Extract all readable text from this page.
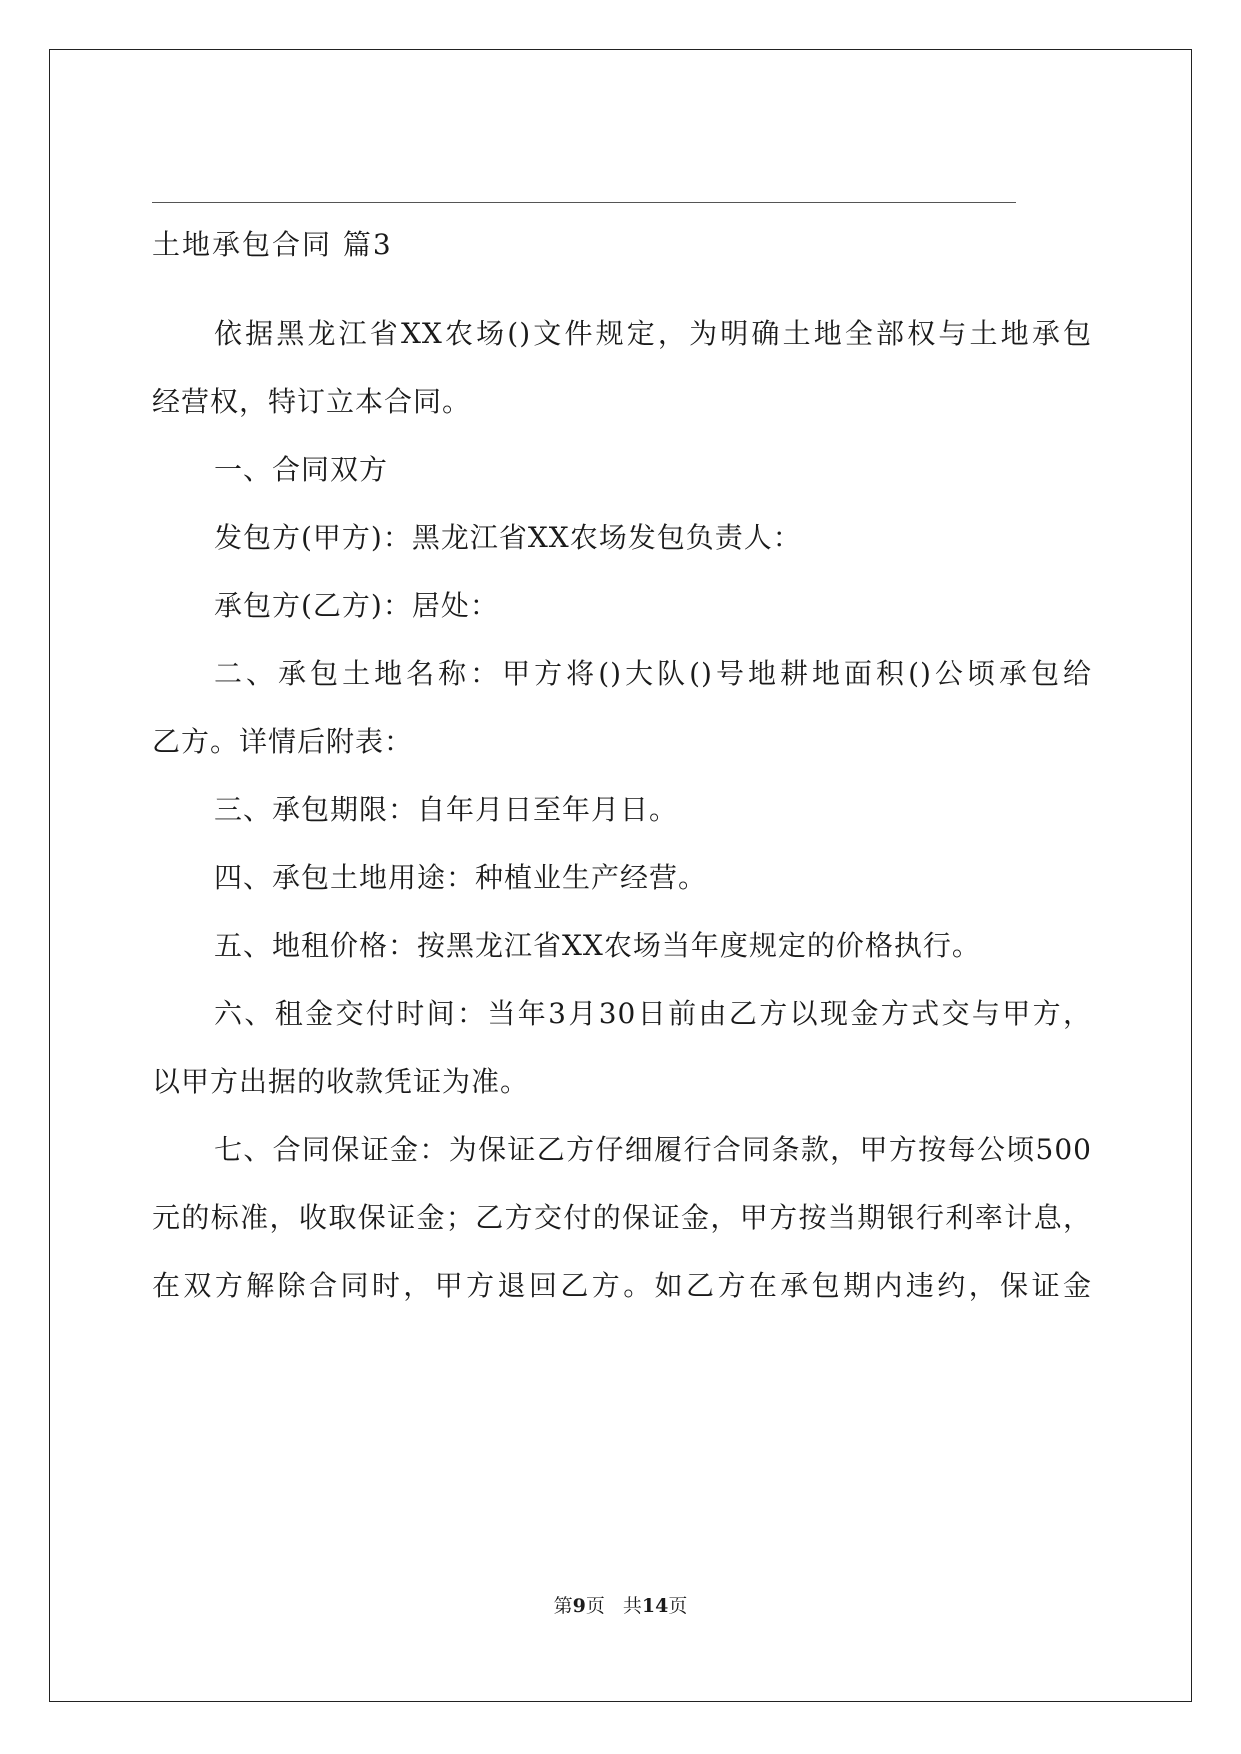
土地承包合同 篇3
依据黑龙江省XX农场()文件规定，为明确土地全部权与土地承包
经营权，特订立本合同。
一、合同双方
发包方(甲方)：黑龙江省XX农场发包负责人：
承包方(乙方)：居处：
二、承包土地名称：甲方将()大队()号地耕地面积()公顷承包给
乙方。详情后附表：
三、承包期限：自年月日至年月日。
四、承包土地用途：种植业生产经营。
五、地租价格：按黑龙江省XX农场当年度规定的价格执行。
六、租金交付时间：当年3月30日前由乙方以现金方式交与甲方，
以甲方出据的收款凭证为准。
七、合同保证金：为保证乙方仔细履行合同条款，甲方按每公顷500
元的标准，收取保证金；乙方交付的保证金，甲方按当期银行利率计息，
在双方解除合同时，甲方退回乙方。如乙方在承包期内违约，保证金
第9页 共14页
